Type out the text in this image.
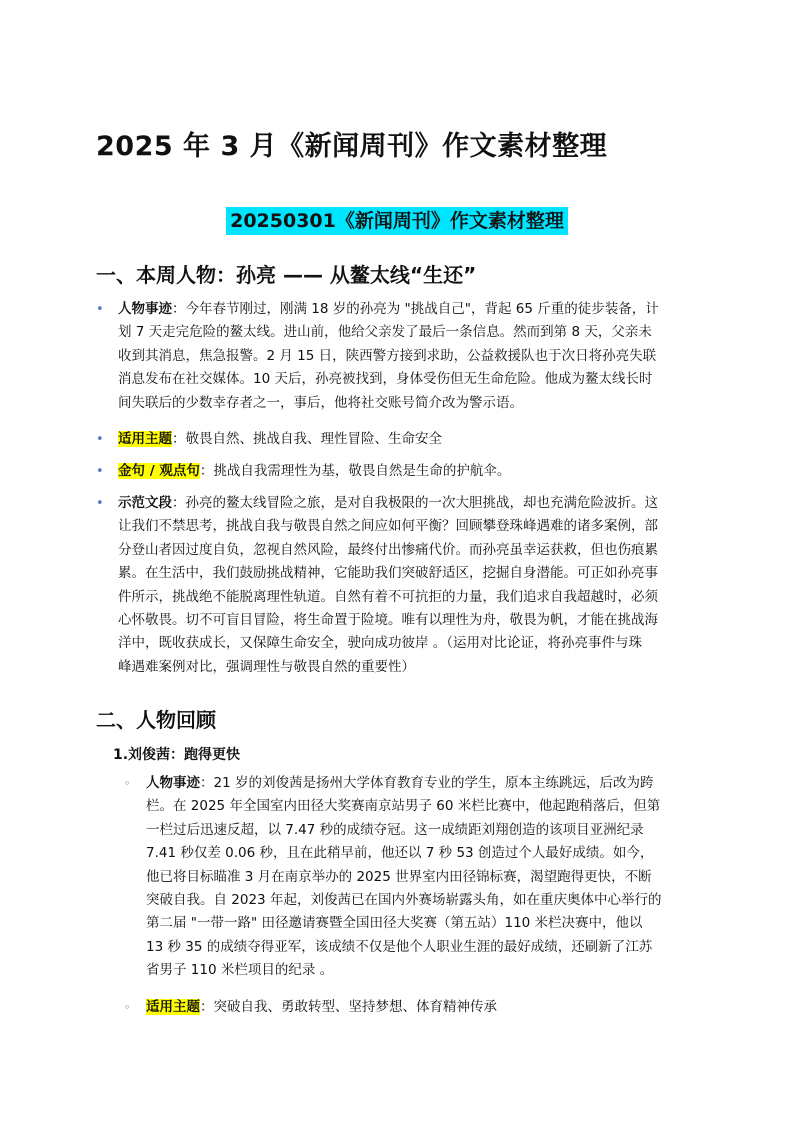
2025 年 3 月《新闻周刊》作文素材整理
20250301《新闻周刊》作文素材整理
一、本周人物：孙亮 —— 从鳌太线“生还”
• 人物事迹：今年春节刚过，刚满 18 岁的孙亮为 "挑战自己"，背起 65 斤重的徒步装备，计
划 7 天走完危险的鳌太线。进山前，他给父亲发了最后一条信息。然而到第 8 天，父亲未
收到其消息，焦急报警。2 月 15 日，陕西警方接到求助，公益救援队也于次日将孙亮失联
消息发布在社交媒体。10 天后，孙亮被找到，身体受伤但无生命危险。他成为鳌太线长时
间失联后的少数幸存者之一，事后，他将社交账号简介改为警示语。
• 适用主题：敬畏自然、挑战自我、理性冒险、生命安全
• 金句 / 观点句：挑战自我需理性为基，敬畏自然是生命的护航伞。
• 示范文段：孙亮的鳌太线冒险之旅，是对自我极限的一次大胆挑战，却也充满危险波折。这
让我们不禁思考，挑战自我与敬畏自然之间应如何平衡？回顾攀登珠峰遇难的诸多案例，部
分登山者因过度自负，忽视自然风险，最终付出惨痛代价。而孙亮虽幸运获救，但也伤痕累
累。在生活中，我们鼓励挑战精神，它能助我们突破舒适区，挖掘自身潜能。可正如孙亮事
件所示，挑战绝不能脱离理性轨道。自然有着不可抗拒的力量，我们追求自我超越时，必须
心怀敬畏。切不可盲目冒险，将生命置于险境。唯有以理性为舟，敬畏为帆，才能在挑战海
洋中，既收获成长，又保障生命安全，驶向成功彼岸 。（运用对比论证，将孙亮事件与珠
峰遇难案例对比，强调理性与敬畏自然的重要性）
二、人物回顾
1.刘俊茜：跑得更快
◦ 人物事迹：21 岁的刘俊茜是扬州大学体育教育专业的学生，原本主练跳远，后改为跨
栏。在 2025 年全国室内田径大奖赛南京站男子 60 米栏比赛中，他起跑稍落后，但第
一栏过后迅速反超，以 7.47 秒的成绩夺冠。这一成绩距刘翔创造的该项目亚洲纪录
7.41 秒仅差 0.06 秒，且在此稍早前，他还以 7 秒 53 创造过个人最好成绩。如今，
他已将目标瞄准 3 月在南京举办的 2025 世界室内田径锦标赛，渴望跑得更快，不断
突破自我。自 2023 年起，刘俊茜已在国内外赛场崭露头角，如在重庆奥体中心举行的
第二届 "一带一路" 田径邀请赛暨全国田径大奖赛（第五站）110 米栏决赛中，他以
13 秒 35 的成绩夺得亚军，该成绩不仅是他个人职业生涯的最好成绩，还刷新了江苏
省男子 110 米栏项目的纪录 。
◦ 适用主题：突破自我、勇敢转型、坚持梦想、体育精神传承
